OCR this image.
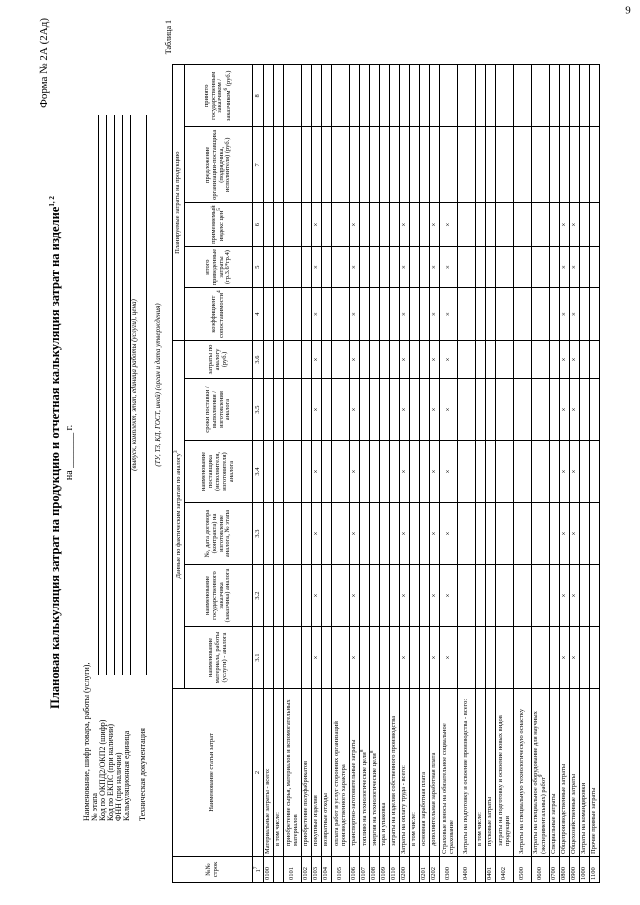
9
Форма № 2А (2Ад)
Плановая калькуляция затрат на продукцию и отчетная калькуляция затрат на изделие$^{1, 2}$
на _______ г.
Наименование, шифр товара, работы (услуги), № этапа Код по ОКПД2/ОКП2 (шифр) Код по ЕКПС (при наличии) ФНН (при наличии) Калькуляционная единица Техническая документация
(выпуск, комплект, этап, единица работы (услуги), цена) (ТУ, ТЗ, КД, ГОСТ, иной) (орган и дата утверждения)
Таблица 1
№№ строк	Наименование статьи затрат	Данные по фактическим затратам по аналогу$^3$						Планируемые затраты на продукцию				
		наименование материала, работы (услуги) - аналога	наименование государственного заказчика (заказчика) аналога	№, дата договора (контракта) на изготовление аналога, № этапа	наименование поставщика (исполнителя, изготовителя) аналога	сроки поставки / выполнения / изготовления аналога	затраты по аналогу (руб.)	коэффициент сопоставимости$^4$	итого приведенные затраты (гр.3.6*гр.4)	применяемый индекс цен$^5$	предложение организации-поставщика (подрядчика, исполнителя) (руб.)	принято государственным заказчиком / заказчиком$^6$ (руб.)
$1^7$	2	3.1	3.2	3.3	3.4	3.5	3.6	4	5	6	7	8
0100	Материальные затраты - всего:											
	в том числе:											
0101	приобретение сырья, материалов и вспомогательных материалов											
0102	приобретение полуфабрикатов											
0103	покупные изделия	×	×	×	×	×	×	×	×	×		
0104	возвратные отходы											
0105	оплата работ и услуг сторонних организаций производственного характера											
0106	транспортно-заготовительные затраты	×	×	×	×	×	×	×	×	×		
0107	топливо на технологические цели$^8$											
0108	энергия на технологические цели$^8$											
0109	тара и упаковка											
0110	затраты на изделия собственного производства											
0200	Затраты на оплату труда - всего:	×	×	×	×	×	×	×	×	×		
	в том числе:											
0201	основная заработная плата											
0202	дополнительная заработная плата	×	×	×	×	×	×	×	×	×		
0300	Страховые взносы на обязательное социальное страхование	×	×	×	×	×	×	×	×	×		
0400	Затраты на подготовку и освоение производства - всего:											
	в том числе:											
0401	пусковые затраты											
0402	затраты на подготовку и освоение новых видов продукции											
0500	Затраты на специальную технологическую оснастку											
0600	Затраты на специальное оборудование для научных (экспериментальных) работ$^9$											
0700	Специальные затраты											
0800	Общепроизводственные затраты	×	×	×	×	×	×	×	×	×		
0900	Общехозяйственные затраты	×	×	×	×	×	×	×	×	×		
1000	Затраты на командировки											
1100	Прочие прямые затраты											
